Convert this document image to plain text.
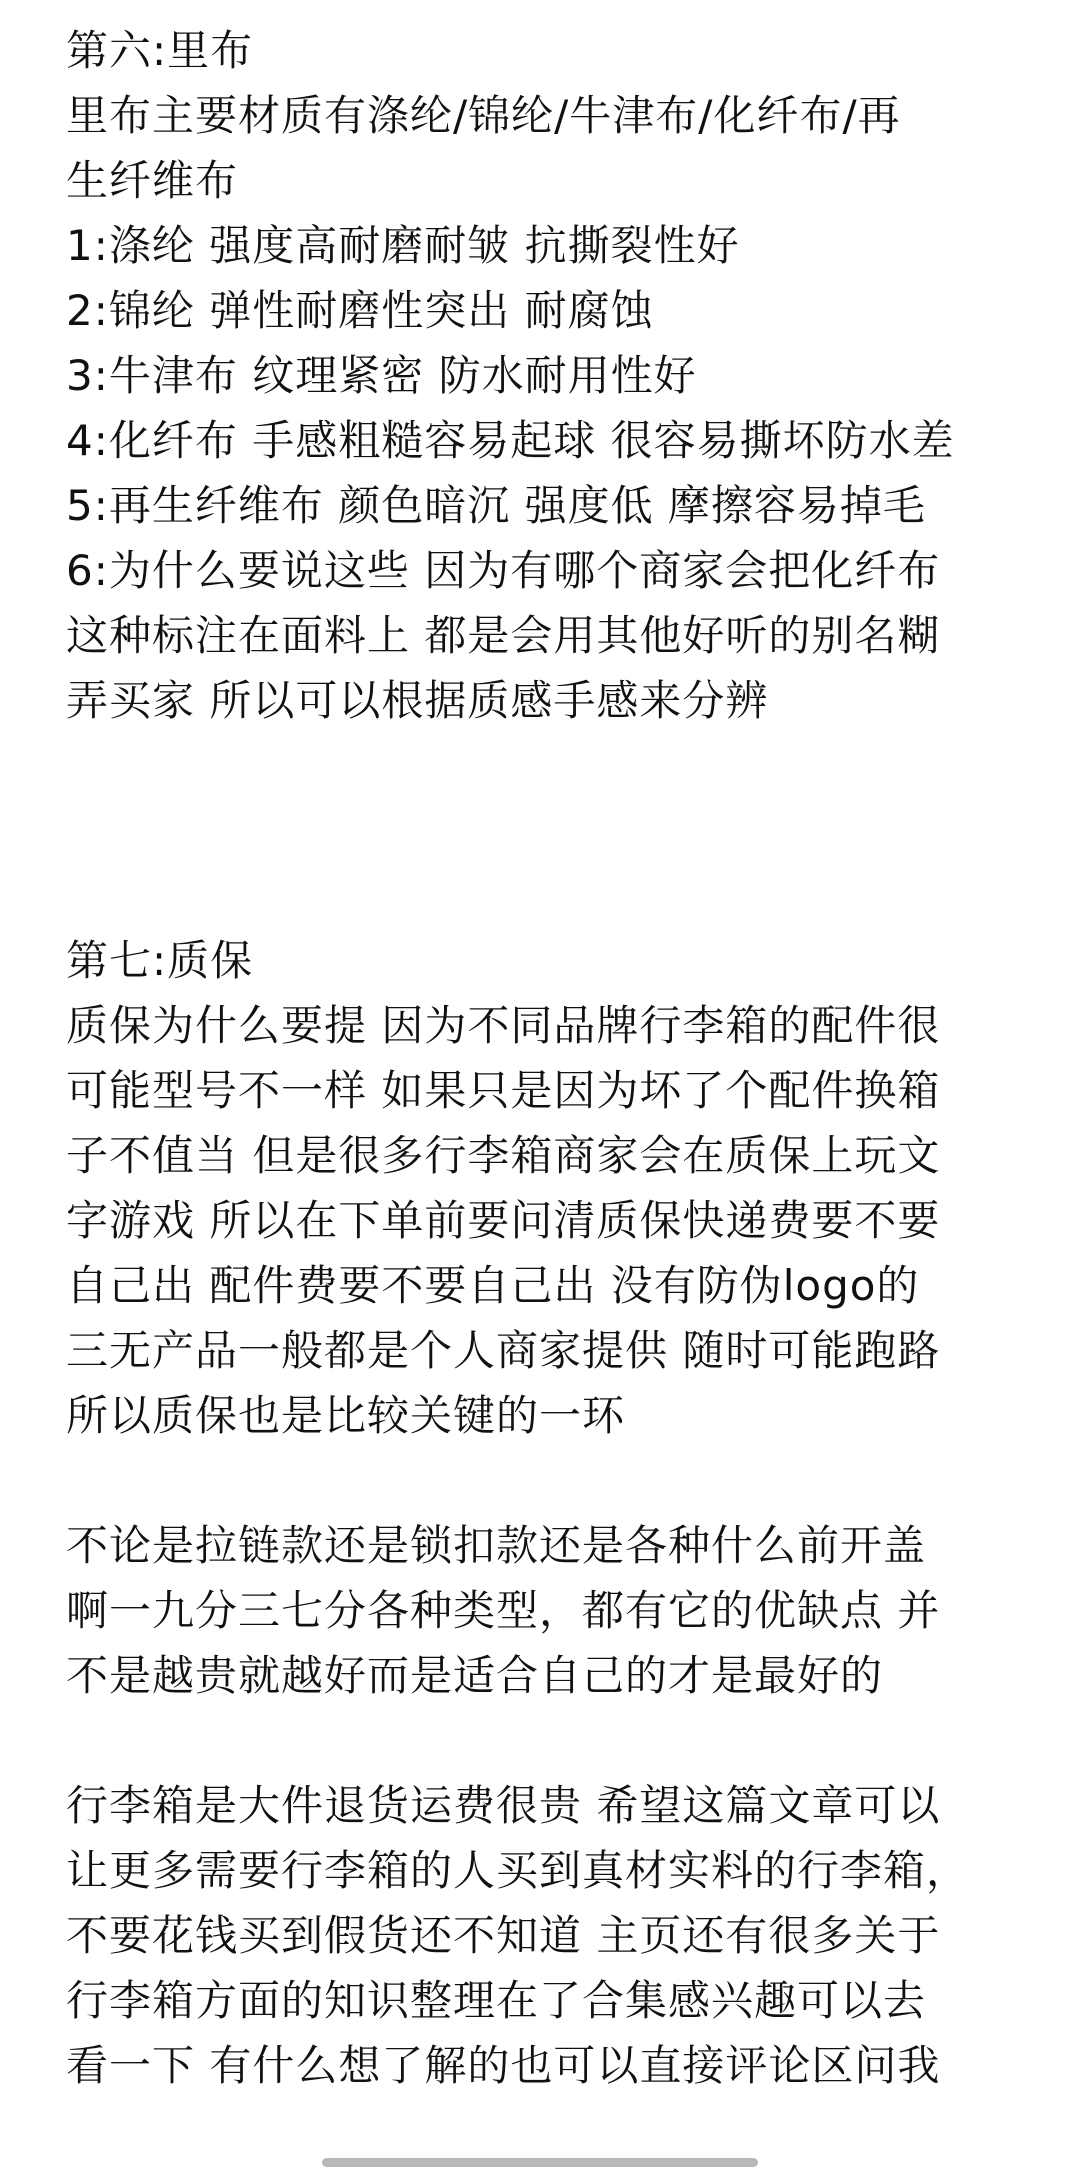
第六:里布
里布主要材质有涤纶/锦纶/牛津布/化纤布/再
生纤维布
1:涤纶 强度高耐磨耐皱 抗撕裂性好
2:锦纶 弹性耐磨性突出 耐腐蚀
3:牛津布 纹理紧密 防水耐用性好
4:化纤布 手感粗糙容易起球 很容易撕坏防水差
5:再生纤维布 颜色暗沉 强度低 摩擦容易掉毛
6:为什么要说这些 因为有哪个商家会把化纤布
这种标注在面料上 都是会用其他好听的别名糊
弄买家 所以可以根据质感手感来分辨
第七:质保
质保为什么要提 因为不同品牌行李箱的配件很
可能型号不一样 如果只是因为坏了个配件换箱
子不值当 但是很多行李箱商家会在质保上玩文
字游戏 所以在下单前要问清质保快递费要不要
自己出 配件费要不要自己出 没有防伪logo的
三无产品一般都是个人商家提供 随时可能跑路
所以质保也是比较关键的一环
不论是拉链款还是锁扣款还是各种什么前开盖
啊一九分三七分各种类型，都有它的优缺点 并
不是越贵就越好而是适合自己的才是最好的
行李箱是大件退货运费很贵 希望这篇文章可以
让更多需要行李箱的人买到真材实料的行李箱，
不要花钱买到假货还不知道 主页还有很多关于
行李箱方面的知识整理在了合集感兴趣可以去
看一下 有什么想了解的也可以直接评论区问我
